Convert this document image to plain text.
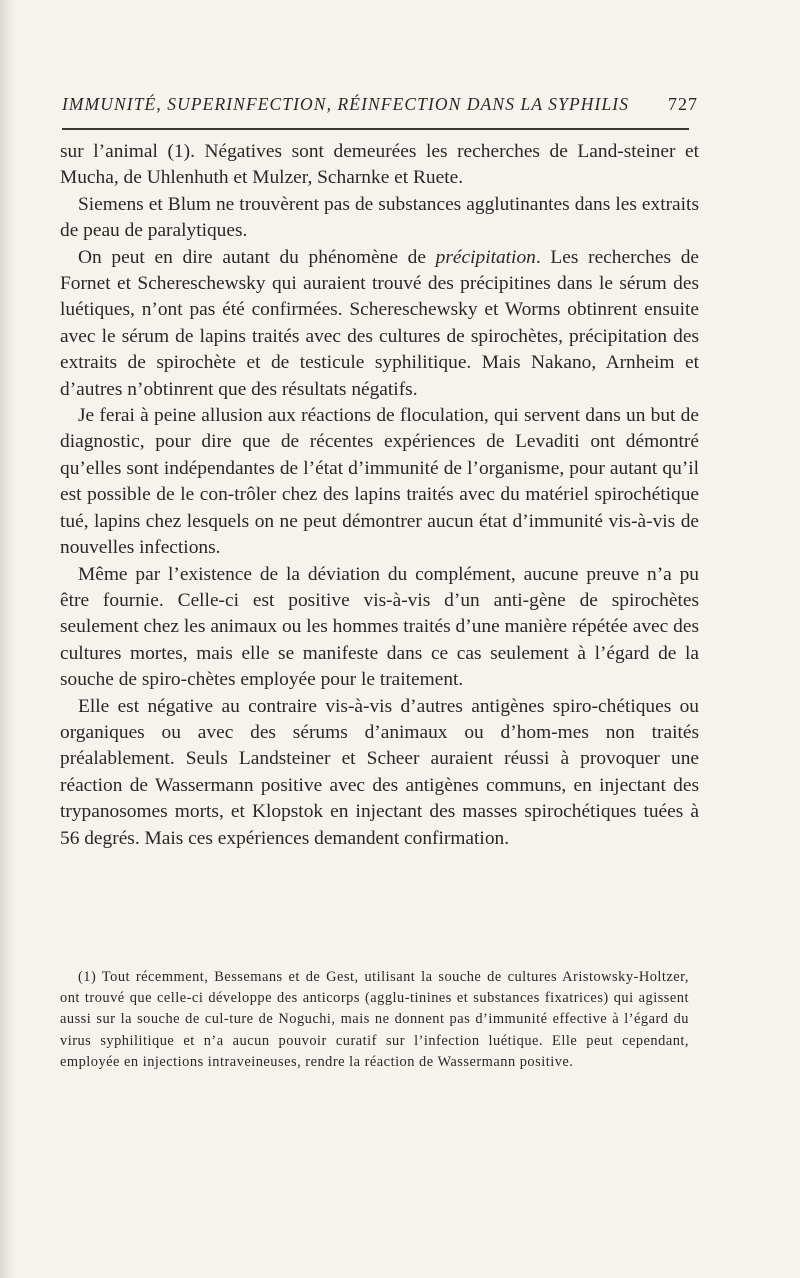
IMMUNITÉ, SUPERINFECTION, RÉINFECTION DANS LA SYPHILIS 727

sur l’animal (1). Négatives sont demeurées les recherches de Land-steiner et Mucha, de Uhlenhuth et Mulzer, Scharnke et Ruete.

Siemens et Blum ne trouvèrent pas de substances agglutinantes dans les extraits de peau de paralytiques.

On peut en dire autant du phénomène de précipitation. Les recherches de Fornet et Schereschewsky qui auraient trouvé des précipitines dans le sérum des luétiques, n’ont pas été confirmées. Schereschewsky et Worms obtinrent ensuite avec le sérum de lapins traités avec des cultures de spirochètes, précipitation des extraits de spirochète et de testicule syphilitique. Mais Nakano, Arnheim et d’autres n’obtinrent que des résultats négatifs.

Je ferai à peine allusion aux réactions de floculation, qui servent dans un but de diagnostic, pour dire que de récentes expériences de Levaditi ont démontré qu’elles sont indépendantes de l’état d’immunité de l’organisme, pour autant qu’il est possible de le con-trôler chez des lapins traités avec du matériel spirochétique tué, lapins chez lesquels on ne peut démontrer aucun état d’immunité vis-à-vis de nouvelles infections.

Même par l’existence de la déviation du complément, aucune preuve n’a pu être fournie. Celle-ci est positive vis-à-vis d’un anti-gène de spirochètes seulement chez les animaux ou les hommes traités d’une manière répétée avec des cultures mortes, mais elle se manifeste dans ce cas seulement à l’égard de la souche de spiro-chètes employée pour le traitement.

Elle est négative au contraire vis-à-vis d’autres antigènes spiro-chétiques ou organiques ou avec des sérums d’animaux ou d’hom-mes non traités préalablement. Seuls Landsteiner et Scheer auraient réussi à provoquer une réaction de Wassermann positive avec des antigènes communs, en injectant des trypanosomes morts, et Klopstok en injectant des masses spirochétiques tuées à 56 degrés. Mais ces expériences demandent confirmation.

(1) Tout récemment, Bessemans et de Gest, utilisant la souche de cultures Aristowsky-Holtzer, ont trouvé que celle-ci développe des anticorps (agglu-tinines et substances fixatrices) qui agissent aussi sur la souche de cul-ture de Noguchi, mais ne donnent pas d’immunité effective à l’égard du virus syphilitique et n’a aucun pouvoir curatif sur l’infection luétique. Elle peut cependant, employée en injections intraveineuses, rendre la réaction de Wassermann positive.
